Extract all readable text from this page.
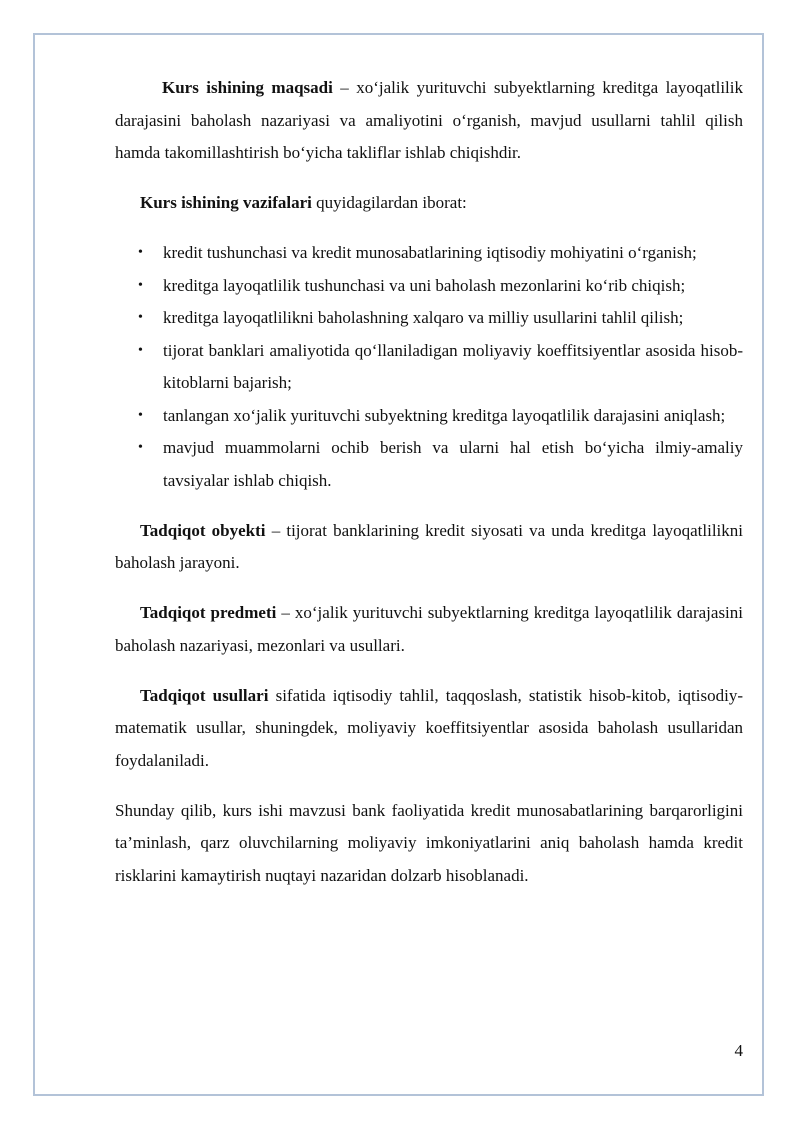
Kurs ishining maqsadi – xo‘jalik yurituvchi subyektlarning kreditga layoqatlilik darajasini baholash nazariyasi va amaliyotini o‘rganish, mavjud usullarni tahlil qilish hamda takomillashtirish bo‘yicha takliflar ishlab chiqishdir.

Kurs ishining vazifalari quyidagilardan iborat:

• kredit tushunchasi va kredit munosabatlarining iqtisodiy mohiyatini o‘rganish;
• kreditga layoqatlilik tushunchasi va uni baholash mezonlarini ko‘rib chiqish;
• kreditga layoqatlilikni baholashning xalqaro va milliy usullarini tahlil qilish;
• tijorat banklari amaliyotida qo‘llaniladigan moliyaviy koeffitsiyentlar asosida hisob-kitoblarni bajarish;
• tanlangan xo‘jalik yurituvchi subyektning kreditga layoqatlilik darajasini aniqlash;
• mavjud muammolarni ochib berish va ularni hal etish bo‘yicha ilmiy-amaliy tavsiyalar ishlab chiqish.

Tadqiqot obyekti – tijorat banklarining kredit siyosati va unda kreditga layoqatlilikni baholash jarayoni.

Tadqiqot predmeti – xo‘jalik yurituvchi subyektlarning kreditga layoqatlilik darajasini baholash nazariyasi, mezonlari va usullari.

Tadqiqot usullari sifatida iqtisodiy tahlil, taqqoslash, statistik hisob-kitob, iqtisodiy-matematik usullar, shuningdek, moliyaviy koeffitsiyentlar asosida baholash usullaridan foydalaniladi.

Shunday qilib, kurs ishi mavzusi bank faoliyatida kredit munosabatlarining barqarorligini ta’minlash, qarz oluvchilarning moliyaviy imkoniyatlarini aniq baholash hamda kredit risklarini kamaytirish nuqtayi nazaridan dolzarb hisoblanadi.

4
